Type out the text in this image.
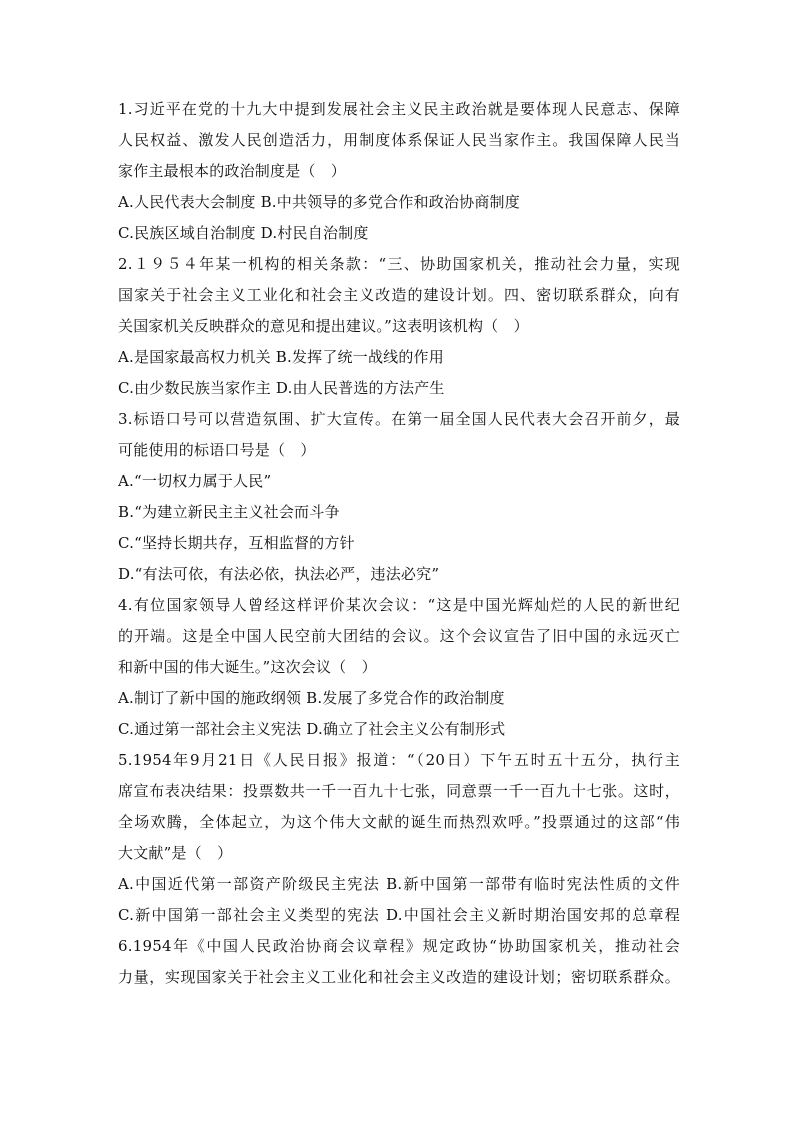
1.习近平在党的十九大中提到发展社会主义民主政治就是要体现人民意志、保障
人民权益、激发人民创造活力，用制度体系保证人民当家作主。我国保障人民当
家作主最根本的政治制度是（　）
A.人民代表大会制度 B.中共领导的多党合作和政治协商制度
C.民族区域自治制度 D.村民自治制度
2.１９５４年某一机构的相关条款：“三、协助国家机关，推动社会力量，实现
国家关于社会主义工业化和社会主义改造的建设计划。四、密切联系群众，向有
关国家机关反映群众的意见和提出建议。”这表明该机构（　）
A.是国家最高权力机关 B.发挥了统一战线的作用
C.由少数民族当家作主 D.由人民普选的方法产生
3.标语口号可以营造氛围、扩大宣传。在第一届全国人民代表大会召开前夕，最
可能使用的标语口号是（　）
A.“一切权力属于人民”
B.“为建立新民主主义社会而斗争
C.“坚持长期共存，互相监督的方针
D.“有法可依，有法必依，执法必严，违法必究”
4.有位国家领导人曾经这样评价某次会议：“这是中国光辉灿烂的人民的新世纪
的开端。这是全中国人民空前大团结的会议。这个会议宣告了旧中国的永远灭亡
和新中国的伟大诞生。”这次会议（　）
A.制订了新中国的施政纲领 B.发展了多党合作的政治制度
C.通过第一部社会主义宪法 D.确立了社会主义公有制形式
5.1954年9月21日《人民日报》报道：“（20日）下午五时五十五分，执行主
席宣布表决结果：投票数共一千一百九十七张，同意票一千一百九十七张。这时，
全场欢腾，全体起立，为这个伟大文献的诞生而热烈欢呼。”投票通过的这部“伟
大文献”是（　）
A.中国近代第一部资产阶级民主宪法 B.新中国第一部带有临时宪法性质的文件
C.新中国第一部社会主义类型的宪法 D.中国社会主义新时期治国安邦的总章程
6.1954年《中国人民政治协商会议章程》规定政协“协助国家机关，推动社会
力量，实现国家关于社会主义工业化和社会主义改造的建设计划；密切联系群众。
